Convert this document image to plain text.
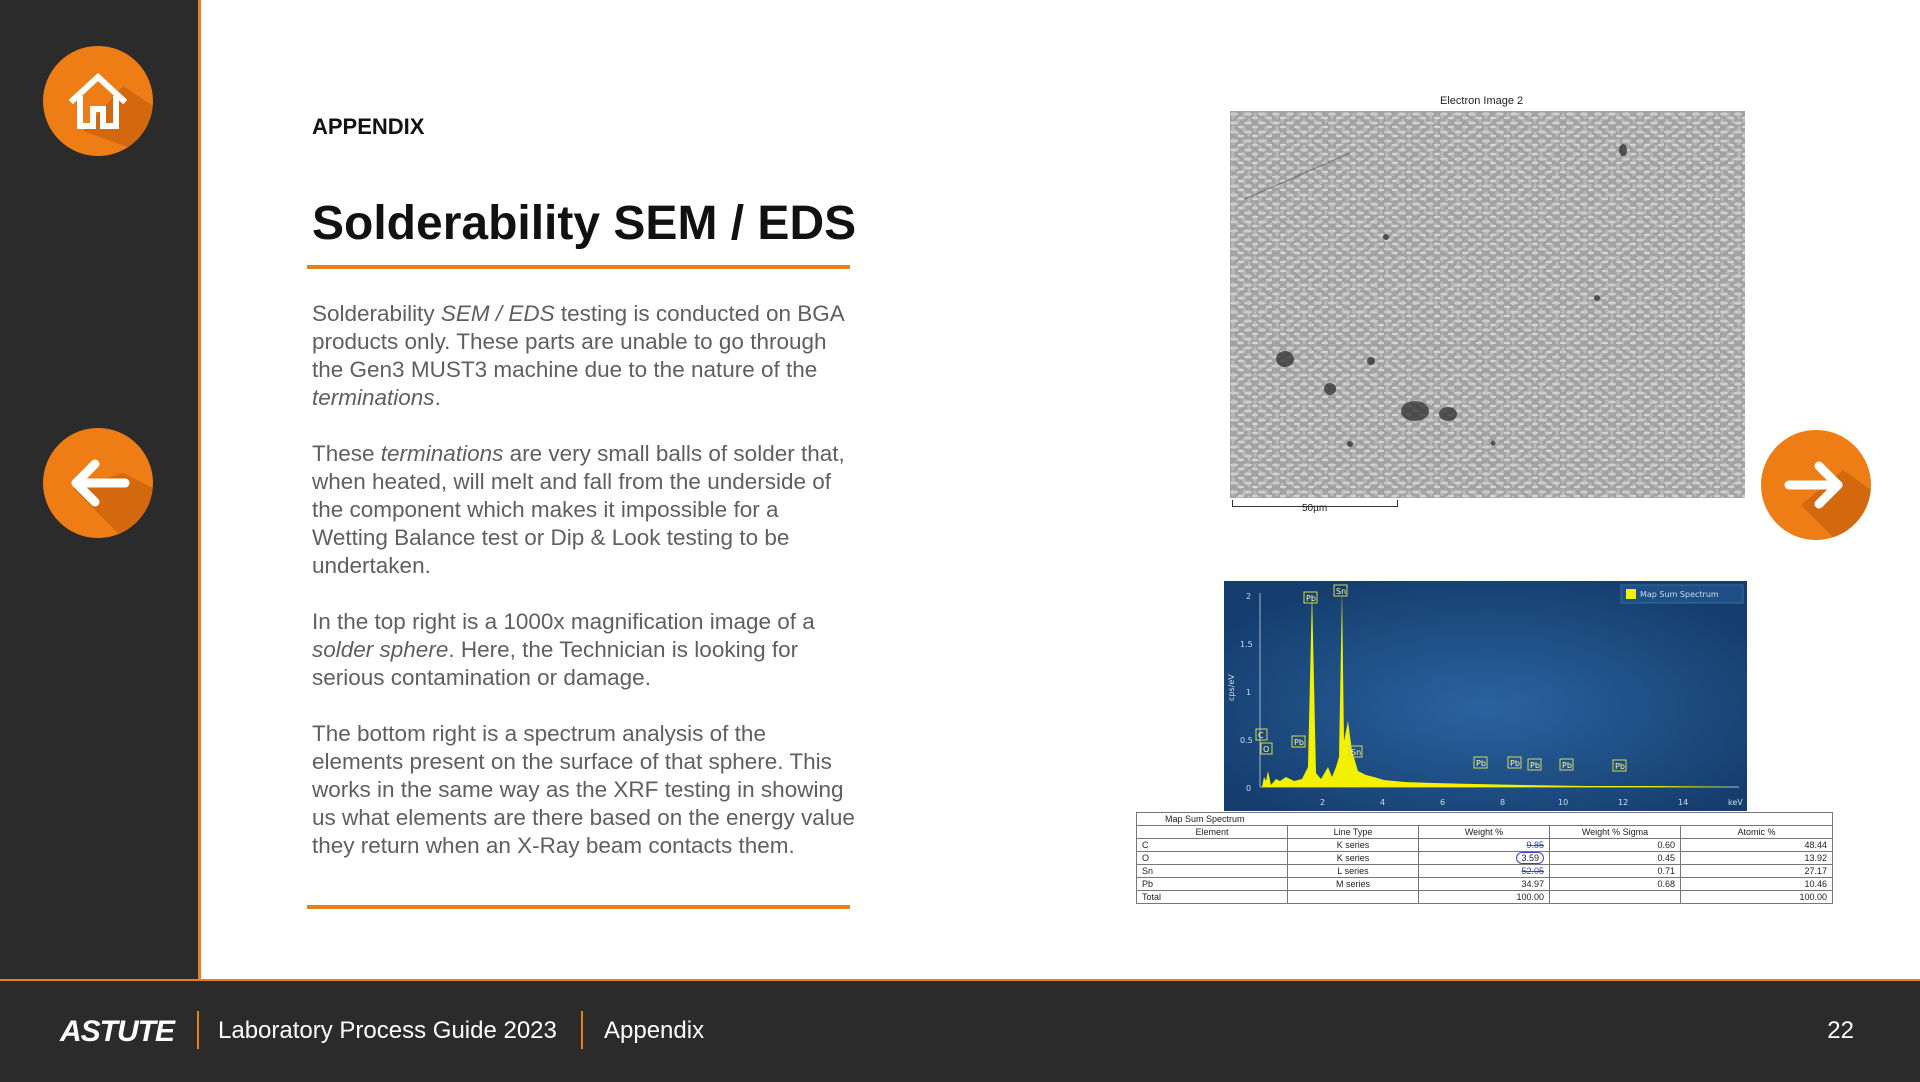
APPENDIX
Solderability SEM / EDS

Solderability SEM / EDS testing is conducted on BGA products only. These parts are unable to go through the Gen3 MUST3 machine due to the nature of the terminations.

These terminations are very small balls of solder that, when heated, will melt and fall from the underside of the component which makes it impossible for a Wetting Balance test or Dip & Look testing to be undertaken.

In the top right is a 1000x magnification image of a solder sphere. Here, the Technician is looking for serious contamination or damage.

The bottom right is a spectrum analysis of the elements present on the surface of that sphere. This works in the same way as the XRF testing in showing us what elements are there based on the energy value they return when an X-Ray beam contacts them.

Electron Image 2
50µm
2
1.5
1
0.5
0
2	4	6	8	10	12	14	keV
cps/eV
Pb
Sn
C
O
Pb
Sn
Pb	Pb Pb	Pb	Pb
Map Sum Spectrum
Map Sum Spectrum				
Element	Line Type	Weight %	Weight % Sigma	Atomic %
C	K series	9.85	0.60	48.44
O	K series	3.59	0.45	13.92
Sn	L series	52.05	0.71	27.17
Pb	M series	34.97	0.68	10.46
Total		100.00		100.00
ASTUTE Laboratory Process Guide 2023 Appendix	22
